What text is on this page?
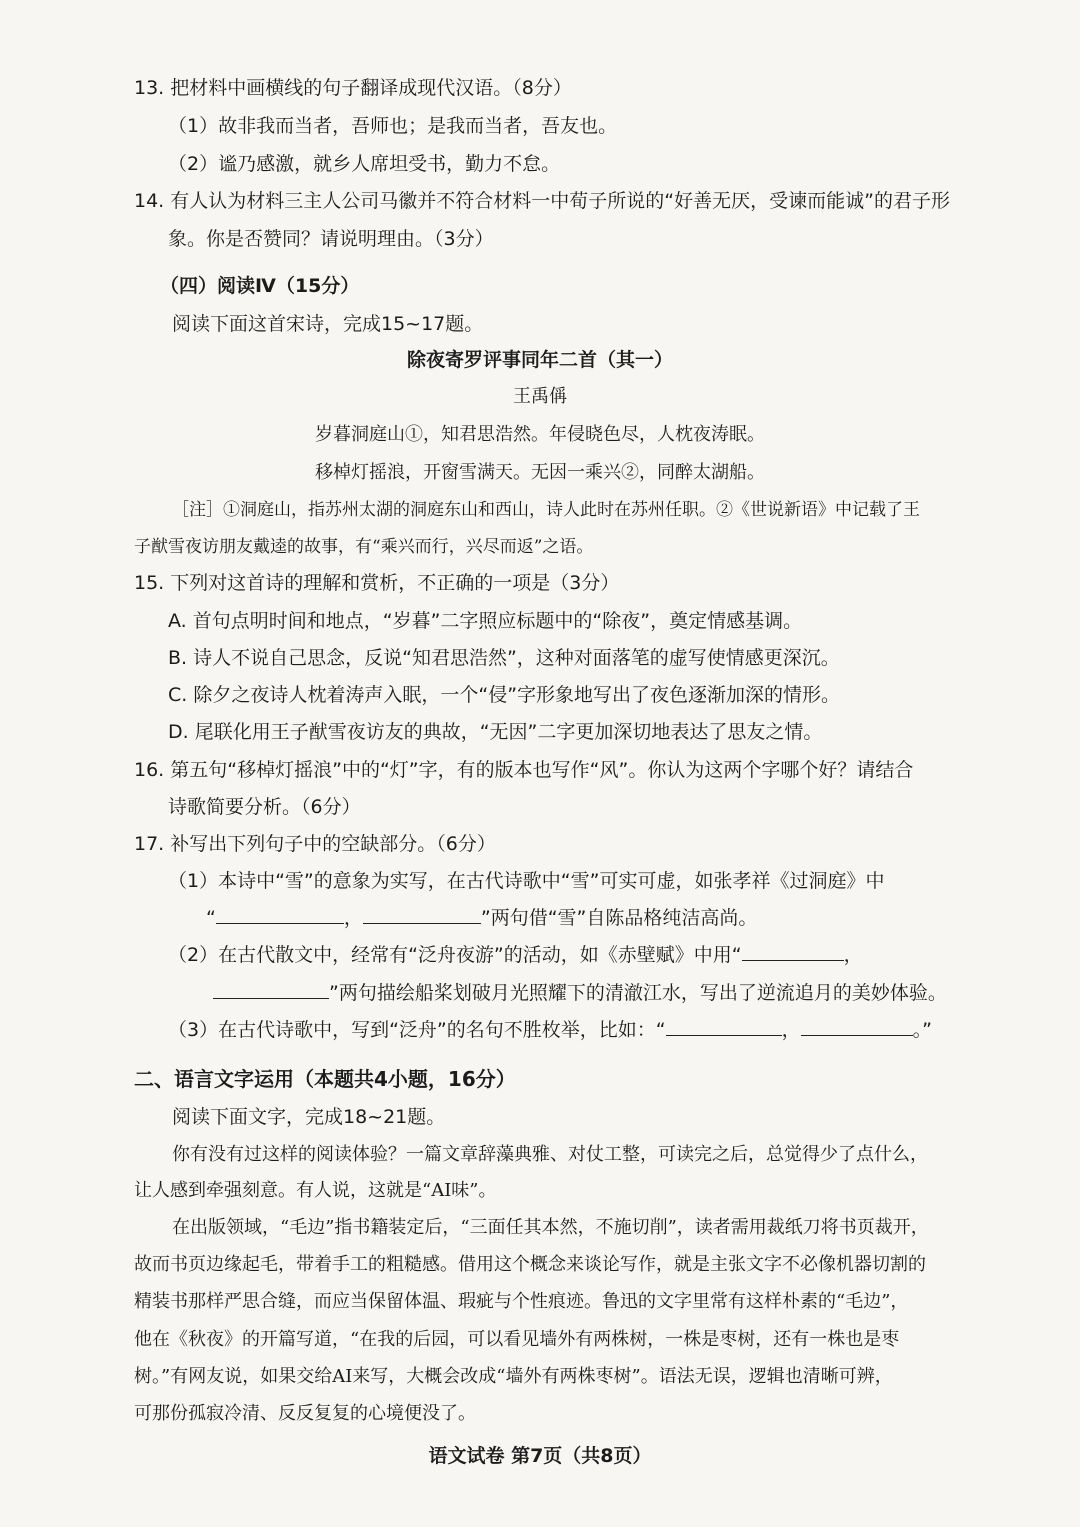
13. 把材料中画横线的句子翻译成现代汉语。（8分）
（1）故非我而当者，吾师也；是我而当者，吾友也。
（2）谧乃感激，就乡人席坦受书，勤力不怠。
14. 有人认为材料三主人公司马徽并不符合材料一中荀子所说的“好善无厌，受谏而能诚”的君子形
象。你是否赞同？请说明理由。（3分）
（四）阅读Ⅳ（15分）
阅读下面这首宋诗，完成15~17题。
除夜寄罗评事同年二首（其一）
王禹偁
岁暮洞庭山①，知君思浩然。年侵晓色尽，人枕夜涛眠。
移棹灯摇浪，开窗雪满天。无因一乘兴②，同醉太湖船。
［注］①洞庭山，指苏州太湖的洞庭东山和西山，诗人此时在苏州任职。②《世说新语》中记载了王
子猷雪夜访朋友戴逵的故事，有“乘兴而行，兴尽而返”之语。
15. 下列对这首诗的理解和赏析，不正确的一项是（3分）
A. 首句点明时间和地点，“岁暮”二字照应标题中的“除夜”，奠定情感基调。
B. 诗人不说自己思念，反说“知君思浩然”，这种对面落笔的虚写使情感更深沉。
C. 除夕之夜诗人枕着涛声入眠，一个“侵”字形象地写出了夜色逐渐加深的情形。
D. 尾联化用王子猷雪夜访友的典故，“无因”二字更加深切地表达了思友之情。
16. 第五句“移棹灯摇浪”中的“灯”字，有的版本也写作“风”。你认为这两个字哪个好？请结合
诗歌简要分析。（6分）
17. 补写出下列句子中的空缺部分。（6分）
（1）本诗中“雪”的意象为实写，在古代诗歌中“雪”可实可虚，如张孝祥《过洞庭》中
“	，	”两句借“雪”自陈品格纯洁高尚。
（2）在古代散文中，经常有“泛舟夜游”的活动，如《赤壁赋》中用“	，
”两句描绘船桨划破月光照耀下的清澈江水，写出了逆流追月的美妙体验。
（3）在古代诗歌中，写到“泛舟”的名句不胜枚举，比如：“	，	。”
二、语言文字运用（本题共4小题，16分）
阅读下面文字，完成18~21题。
你有没有过这样的阅读体验？一篇文章辞藻典雅、对仗工整，可读完之后，总觉得少了点什么，
让人感到牵强刻意。有人说，这就是“AI味”。
在出版领域，“毛边”指书籍装定后，“三面任其本然，不施切削”，读者需用裁纸刀将书页裁开，
故而书页边缘起毛，带着手工的粗糙感。借用这个概念来谈论写作，就是主张文字不必像机器切割的
精装书那样严思合缝，而应当保留体温、瑕疵与个性痕迹。鲁迅的文字里常有这样朴素的“毛边”，
他在《秋夜》的开篇写道，“在我的后园，可以看见墙外有两株树，一株是枣树，还有一株也是枣
树。”有网友说，如果交给AI来写，大概会改成“墙外有两株枣树”。语法无误，逻辑也清晰可辨，
可那份孤寂冷清、反反复复的心境便没了。
语文试卷 第7页（共8页）
